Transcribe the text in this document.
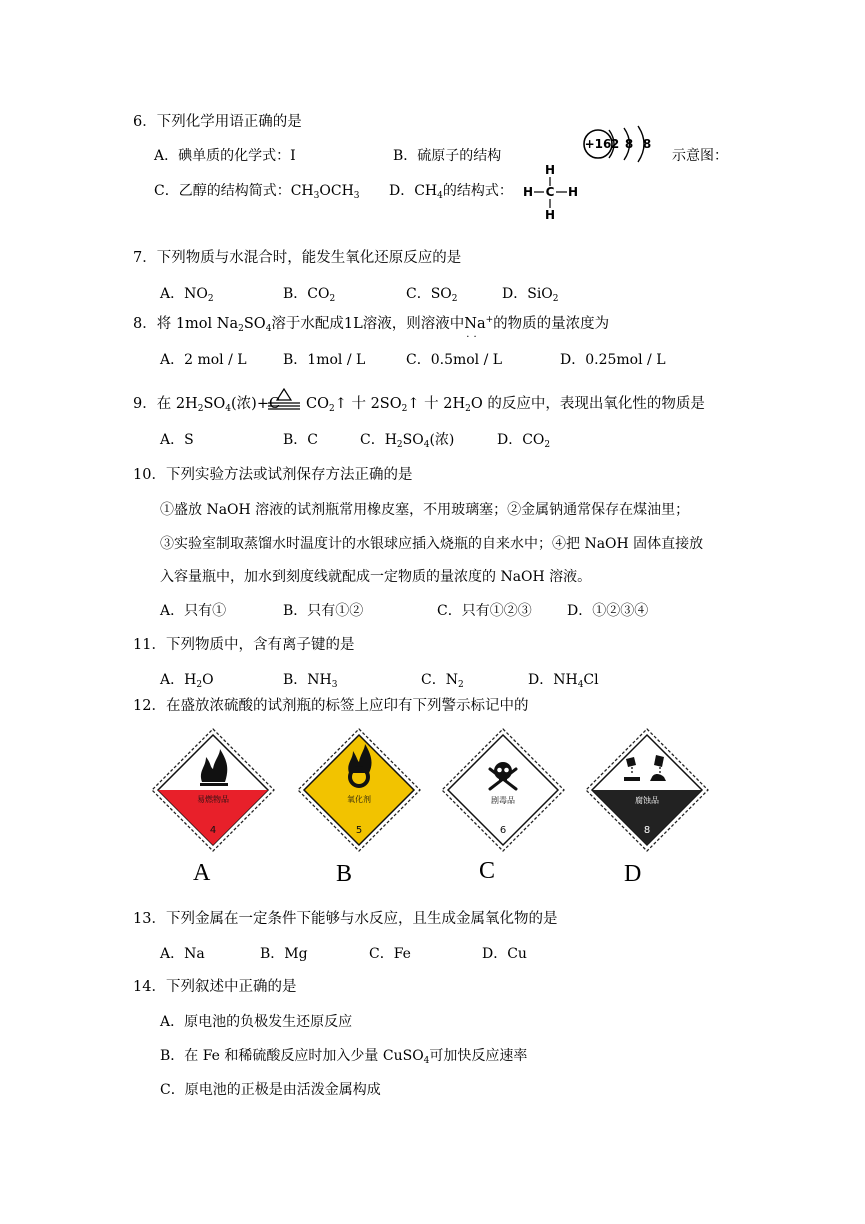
6．下列化学用语正确的是
A．碘单质的化学式：I	B．硫原子的结构
+16 2 8 8
示意图：
C．乙醇的结构简式：$CH_3OCH_3$ D．$CH_4$的结构式：
H
H C H
H
7．下列物质与水混合时，能发生氧化还原反应的是
A．$NO_2$	B．$CO_2$	C．$SO_2$	D．SiO$_2$
8．将 1mol $Na_2SO_4$溶于水配成1L溶液，则溶液中Na+
··
的物质的量浓度为
A．2 mol / L	B．1mol / L	C．0.5mol / L	D．0.25mol / L
9．在 $2H_2SO_4$(浓)+C $CO_2↑$ 十 $2SO_2↑$ 十 $2H_2O$ 的反应中，表现出氧化性的物质是
A．S	B．C	C．$H_2SO_4$(浓)	D．$CO_2$
10．下列实验方法或试剂保存方法正确的是
①盛放 NaOH 溶液的试剂瓶常用橡皮塞，不用玻璃塞；②金属钠通常保存在煤油里；
③实验室制取蒸馏水时温度计的水银球应插入烧瓶的自来水中；④把 NaOH 固体直接放
入容量瓶中，加水到刻度线就配成一定物质的量浓度的 NaOH 溶液。
A．只有①	B．只有①②	C．只有①②③	D．①②③④
11．下列物质中，含有离子键的是
A．$H_2O$	B．$NH_3$	C．$N_2$	D．$NH_4Cl$
12．在盛放浓硫酸的试剂瓶的标签上应印有下列警示标记中的
易燃物品
4
A
氧化剂
5
B
剧毒品
6
C
腐蚀品
8
D
13．下列金属在一定条件下能够与水反应，且生成金属氧化物的是
A．Na	B．Mg	C．Fe	D．Cu
14．下列叙述中正确的是
A．原电池的负极发生还原反应
B．在 Fe 和稀硫酸反应时加入少量 CuSO$_4$可加快反应速率
C．原电池的正极是由活泼金属构成
